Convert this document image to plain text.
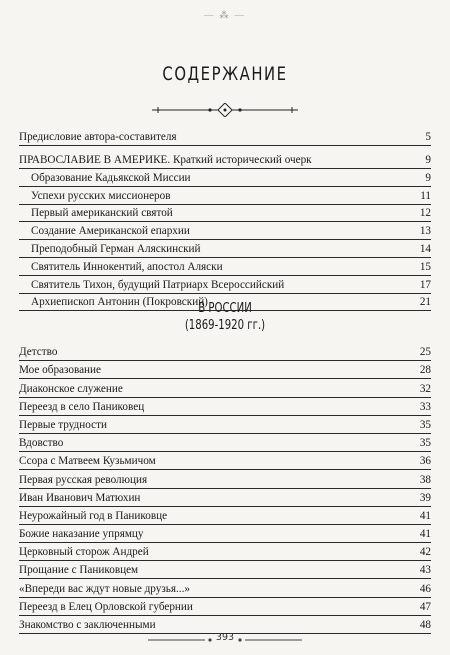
— ⁂ —
СОДЕРЖАНИЕ
Предисловие автора-составителя	5
ПРАВОСЛАВИЕ В АМЕРИКЕ. Краткий исторический очерк	9
Образование Кадьякской Миссии	9
Успехи русских миссионеров	11
Первый американский святой	12
Создание Американской епархии	13
Преподобный Герман Аляскинский	14
Святитель Иннокентий, апостол Аляски	15
Святитель Тихон, будущий Патриарх Всероссийский	17
Архиепископ Антонин (Покровский)	21
В РОССИИ
(1869-1920 гг.)
Детство	25
Мое образование	28
Диаконское служение	32
Переезд в село Паниковец	33
Первые трудности	35
Вдовство	35
Ссора с Матвеем Кузьмичом	36
Первая русская революция	38
Иван Иванович Матюхин	39
Неурожайный год в Паниковце	41
Божие наказание упрямцу	41
Церковный сторож Андрей	42
Прощание с Паниковцем	43
«Впереди вас ждут новые друзья...»	46
Переезд в Елец Орловской губернии	47
Знакомство с заключенными	48
393
